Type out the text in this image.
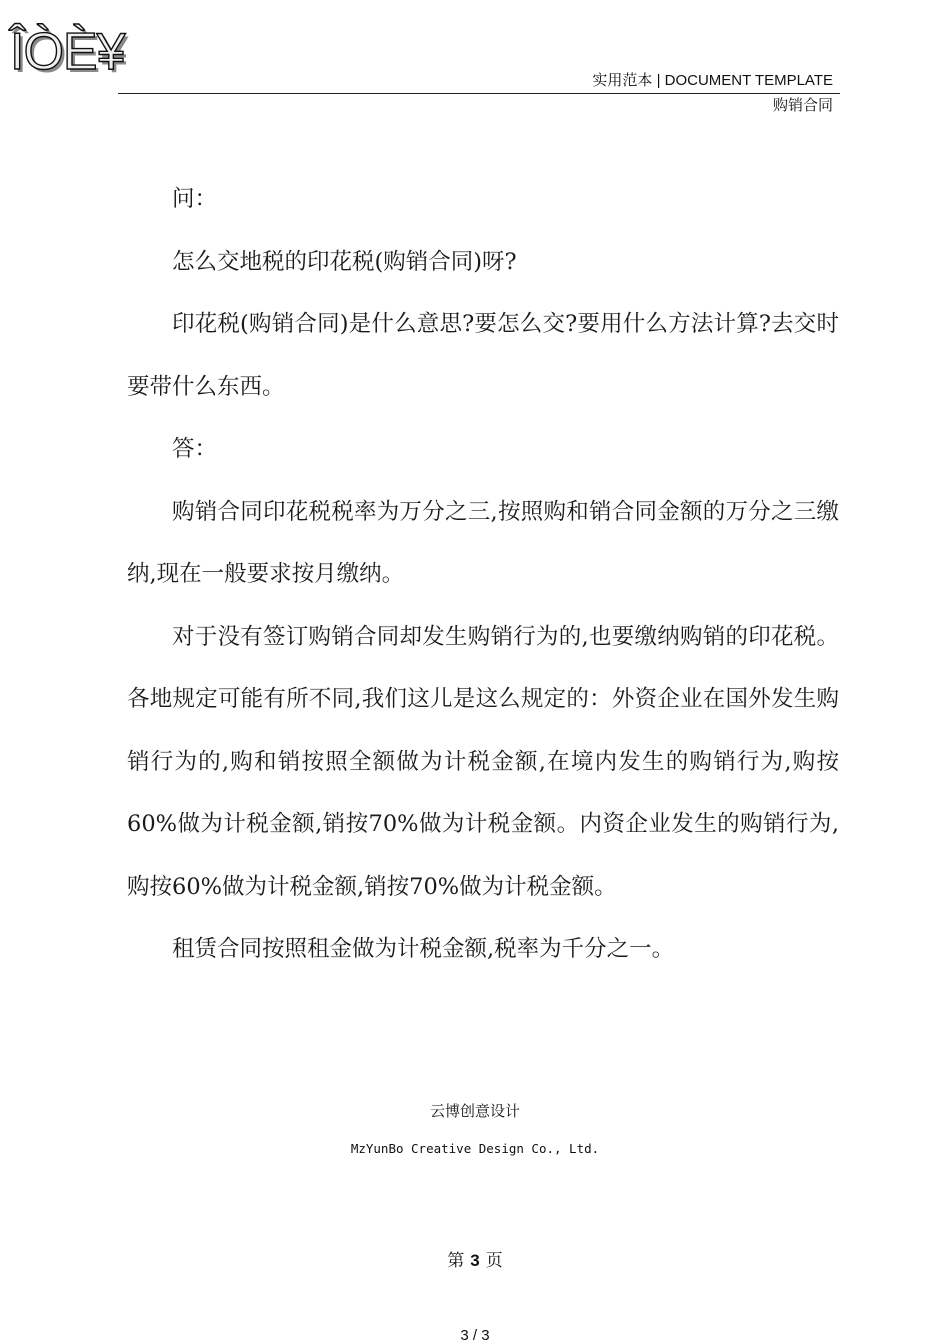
ÎÒÈ¥	实用范本 | DOCUMENT TEMPLATE
购销合同

问：

怎么交地税的印花税(购销合同)呀?

印花税(购销合同)是什么意思?要怎么交?要用什么方法计算?去交时要带什么东西。

答：

购销合同印花税税率为万分之三,按照购和销合同金额的万分之三缴纳,现在一般要求按月缴纳。

对于没有签订购销合同却发生购销行为的,也要缴纳购销的印花税。各地规定可能有所不同,我们这儿是这么规定的：外资企业在国外发生购销行为的,购和销按照全额做为计税金额,在境内发生的购销行为,购按60%做为计税金额,销按70%做为计税金额。内资企业发生的购销行为,购按60%做为计税金额,销按70%做为计税金额。

租赁合同按照租金做为计税金额,税率为千分之一。

云博创意设计
MzYunBo Creative Design Co., Ltd.
第 3 页
3 / 3
